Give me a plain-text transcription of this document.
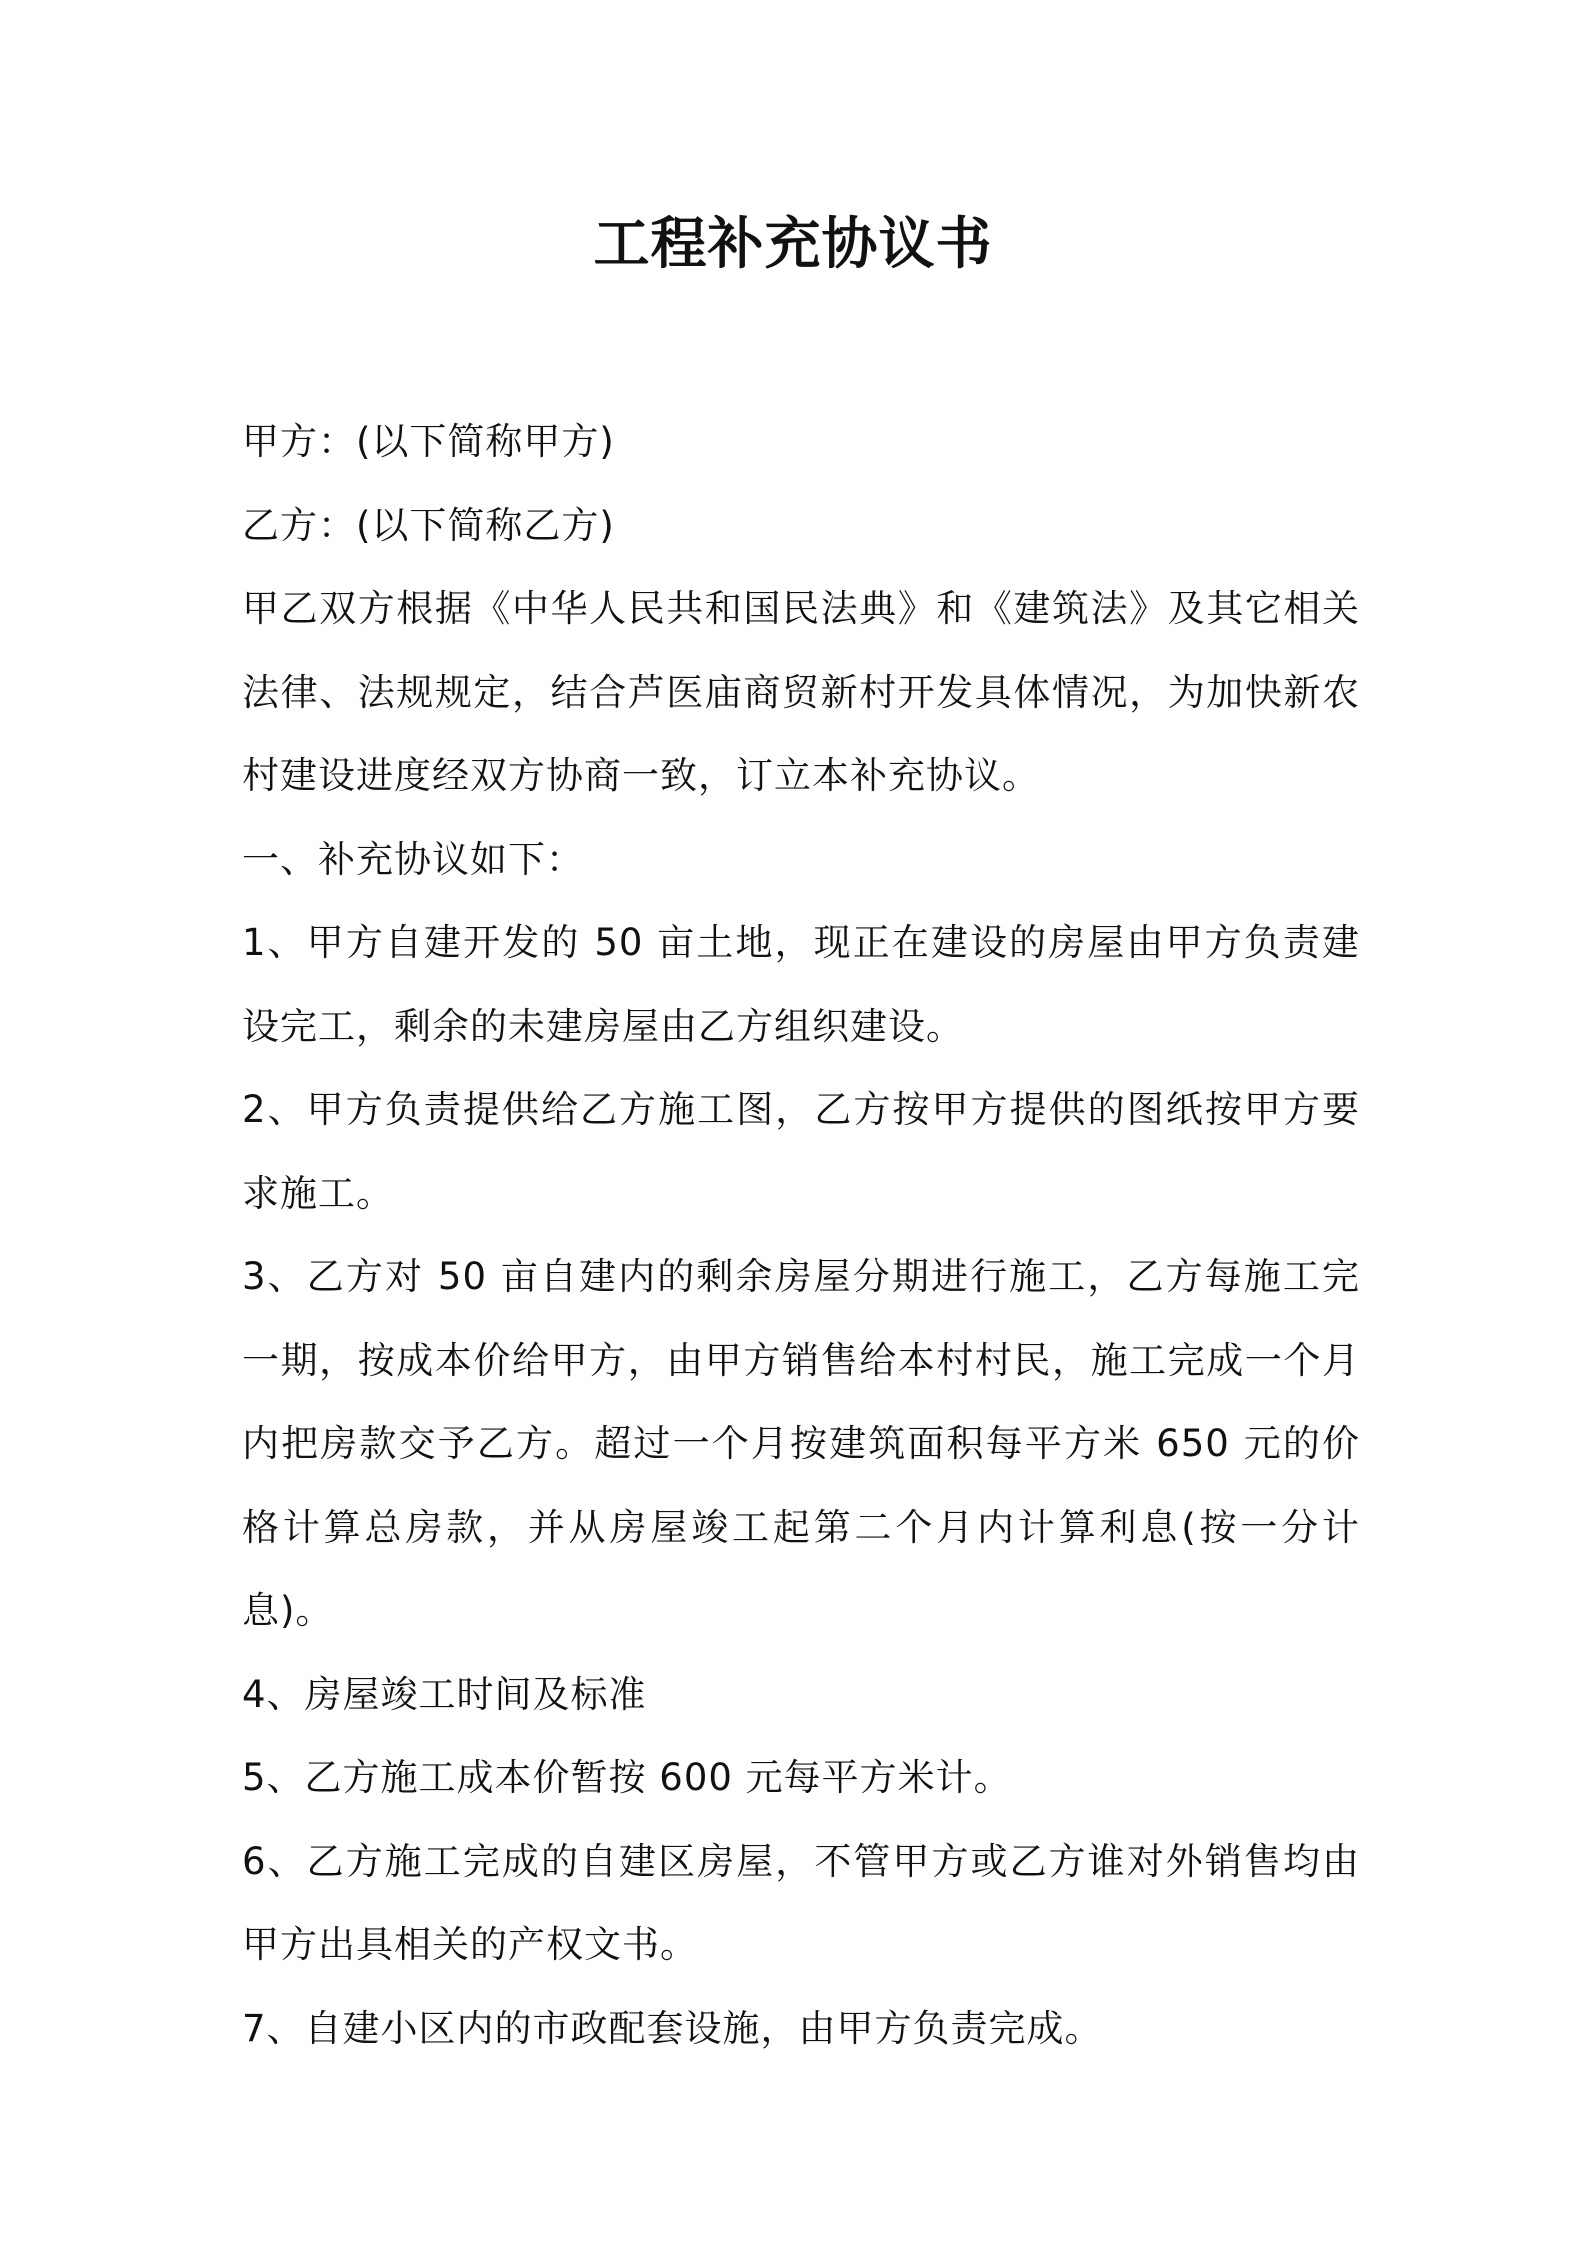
工程补充协议书

甲方：(以下简称甲方)

乙方：(以下简称乙方)

甲乙双方根据《中华人民共和国民法典》和《建筑法》及其它相关法律、法规规定，结合芦医庙商贸新村开发具体情况，为加快新农村建设进度经双方协商一致，订立本补充协议。

一、补充协议如下：

1、甲方自建开发的 50 亩土地，现正在建设的房屋由甲方负责建设完工，剩余的未建房屋由乙方组织建设。

2、甲方负责提供给乙方施工图，乙方按甲方提供的图纸按甲方要求施工。

3、乙方对 50 亩自建内的剩余房屋分期进行施工，乙方每施工完一期，按成本价给甲方，由甲方销售给本村村民，施工完成一个月内把房款交予乙方。超过一个月按建筑面积每平方米 650 元的价格计算总房款，并从房屋竣工起第二个月内计算利息(按一分计息)。

4、房屋竣工时间及标准

5、乙方施工成本价暂按 600 元每平方米计。

6、乙方施工完成的自建区房屋，不管甲方或乙方谁对外销售均由甲方出具相关的产权文书。

7、自建小区内的市政配套设施，由甲方负责完成。
